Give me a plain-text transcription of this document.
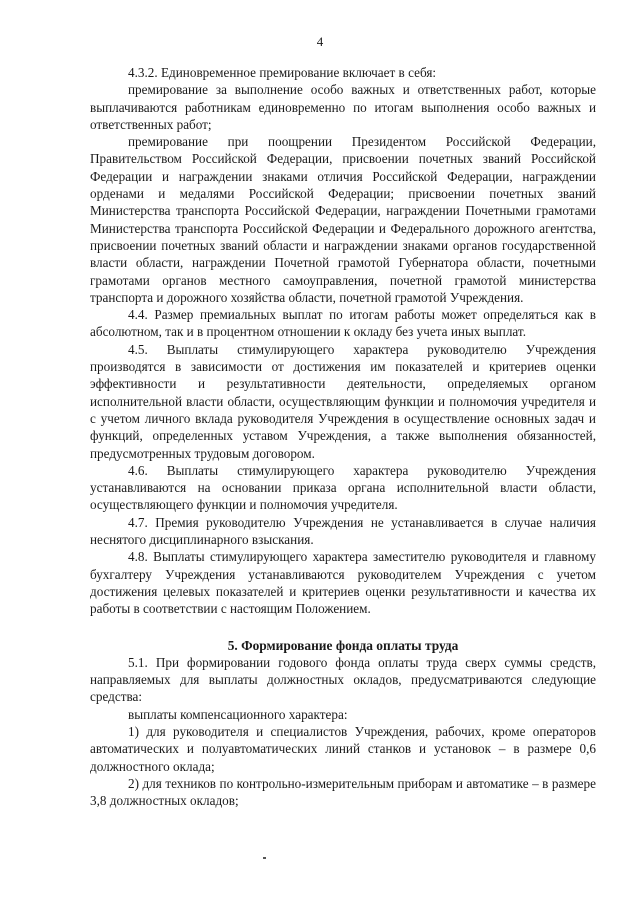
4

4.3.2. Единовременное премирование включает в себя:

премирование за выполнение особо важных и ответственных работ, которые выплачиваются работникам единовременно по итогам выполнения особо важных и ответственных работ;

премирование при поощрении Президентом Российской Федерации, Правительством Российской Федерации, присвоении почетных званий Российской Федерации и награждении знаками отличия Российской Федерации, награждении орденами и медалями Российской Федерации; присвоении почетных званий Министерства транспорта Российской Федерации, награждении Почетными грамотами Министерства транспорта Российской Федерации и Федерального дорожного агентства, присвоении почетных званий области и награждении знаками органов государственной власти области, награждении Почетной грамотой Губернатора области, почетными грамотами органов местного самоуправления, почетной грамотой министерства транспорта и дорожного хозяйства области, почетной грамотой Учреждения.

4.4. Размер премиальных выплат по итогам работы может определяться как в абсолютном, так и в процентном отношении к окладу без учета иных выплат.

4.5. Выплаты стимулирующего характера руководителю Учреждения производятся в зависимости от достижения им показателей и критериев оценки эффективности и результативности деятельности, определяемых органом исполнительной власти области, осуществляющим функции и полномочия учредителя и с учетом личного вклада руководителя Учреждения в осуществление основных задач и функций, определенных уставом Учреждения, а также выполнения обязанностей, предусмотренных трудовым договором.

4.6. Выплаты стимулирующего характера руководителю Учреждения устанавливаются на основании приказа органа исполнительной власти области, осуществляющего функции и полномочия учредителя.

4.7. Премия руководителю Учреждения не устанавливается в случае наличия неснятого дисциплинарного взыскания.

4.8. Выплаты стимулирующего характера заместителю руководителя и главному бухгалтеру Учреждения устанавливаются руководителем Учреждения с учетом достижения целевых показателей и критериев оценки результативности и качества их работы в соответствии с настоящим Положением.

5. Формирование фонда оплаты труда

5.1. При формировании годового фонда оплаты труда сверх суммы средств, направляемых для выплаты должностных окладов, предусматриваются следующие средства:

выплаты компенсационного характера:

1) для руководителя и специалистов Учреждения, рабочих, кроме операторов автоматических и полуавтоматических линий станков и установок – в размере 0,6 должностного оклада;

2) для техников по контрольно-измерительным приборам и автоматике – в размере 3,8 должностных окладов;
